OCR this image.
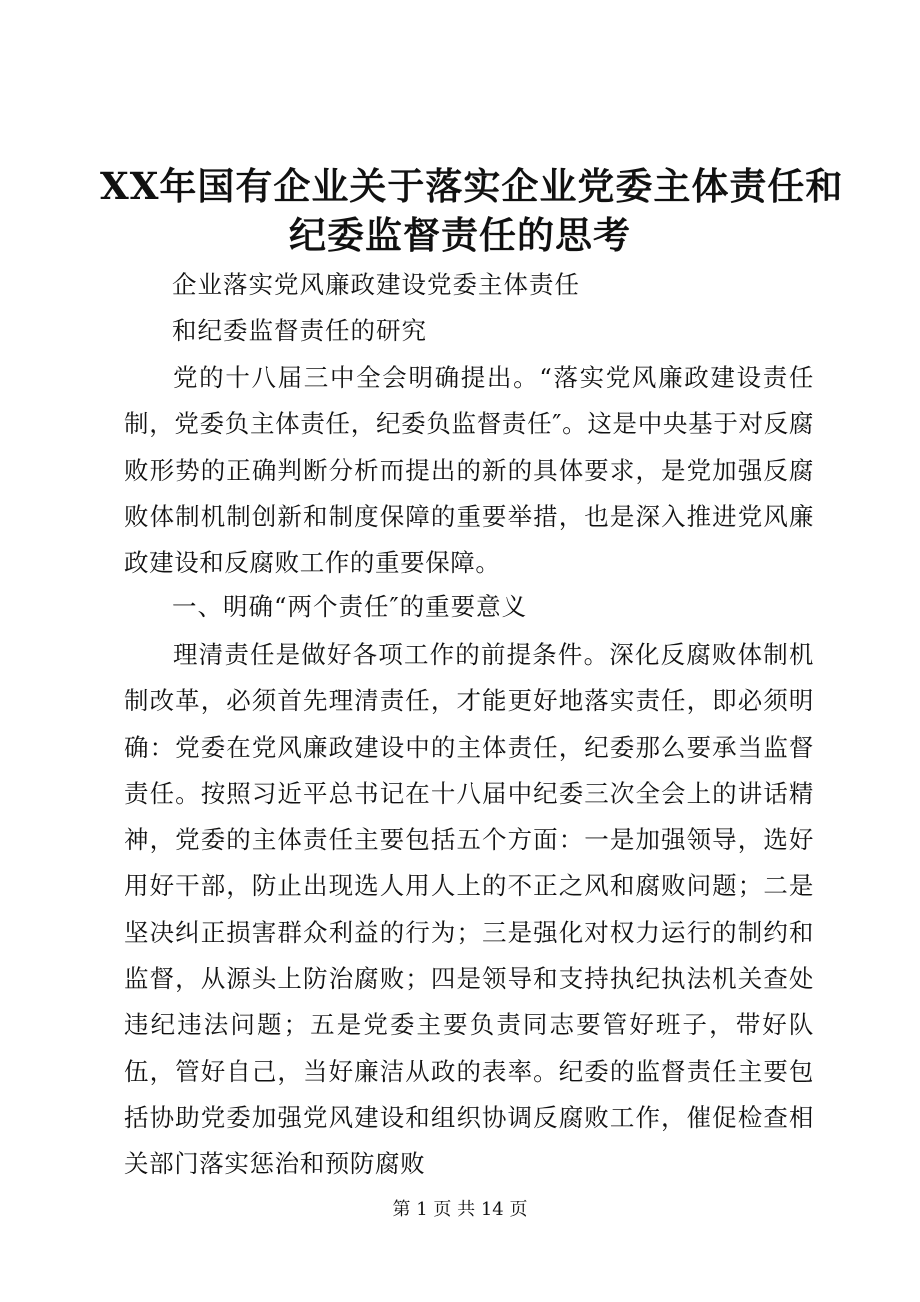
XX年国有企业关于落实企业党委主体责任和
纪委监督责任的思考
企业落实党风廉政建设党委主体责任
和纪委监督责任的研究
党的十八届三中全会明确提出。“落实党风廉政建设责任制，党委负主体责任，纪委负监督责任″。这是中央基于对反腐败形势的正确判断分析而提出的新的具体要求，是党加强反腐败体制机制创新和制度保障的重要举措，也是深入推进党风廉政建设和反腐败工作的重要保障。
一、明确“两个责任″的重要意义
理清责任是做好各项工作的前提条件。深化反腐败体制机制改革，必须首先理清责任，才能更好地落实责任，即必须明确：党委在党风廉政建设中的主体责任，纪委那么要承当监督责任。按照习近平总书记在十八届中纪委三次全会上的讲话精神，党委的主体责任主要包括五个方面：一是加强领导，选好用好干部，防止出现选人用人上的不正之风和腐败问题；二是坚决纠正损害群众利益的行为；三是强化对权力运行的制约和监督，从源头上防治腐败；四是领导和支持执纪执法机关查处违纪违法问题；五是党委主要负责同志要管好班子，带好队伍，管好自己，当好廉洁从政的表率。纪委的监督责任主要包括协助党委加强党风建设和组织协调反腐败工作，催促检查相关部门落实惩治和预防腐败
第 1 页 共 14 页
